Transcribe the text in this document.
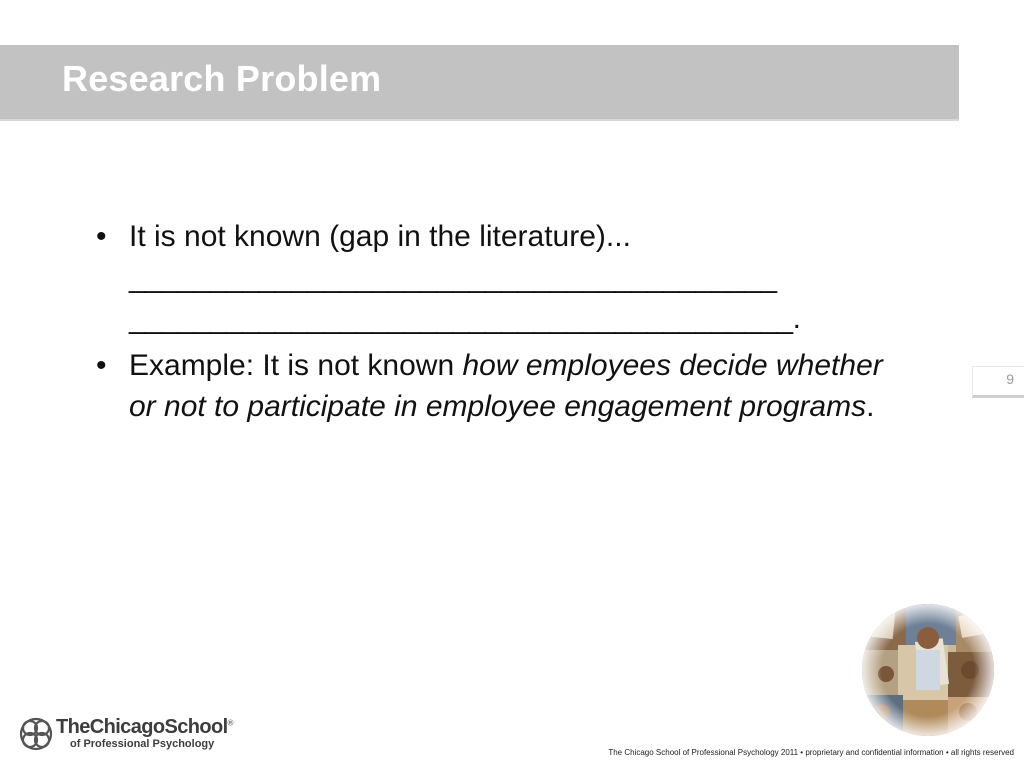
Research Problem
• It is not known (gap in the literature)...
________________________________________
_________________________________________.
• Example: It is not known how employees decide whether or not to participate in employee engagement programs.
9
TheChicagoSchool®
of Professional Psychology
The Chicago School of Professional Psychology 2011 • proprietary and confidential information • all rights reserved
